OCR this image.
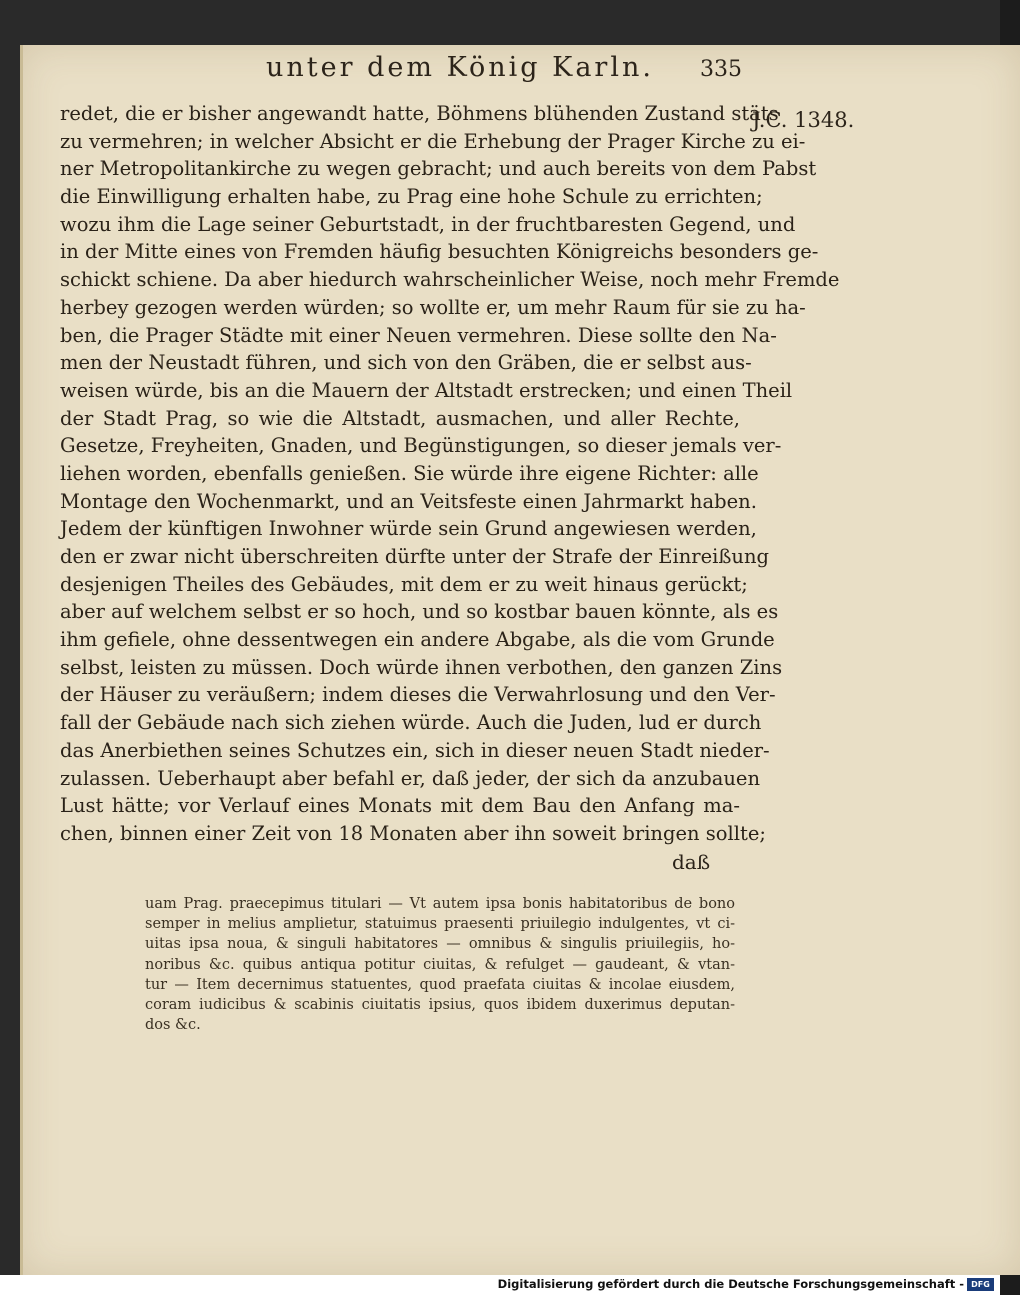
unter dem König Karln.	335
J.C. 1348.
redet, die er bisher angewandt hatte, Böhmens blühenden Zustand stäts
zu vermehren; in welcher Absicht er die Erhebung der Prager Kirche zu ei-
ner Metropolitankirche zu wegen gebracht; und auch bereits von dem Pabst
die Einwilligung erhalten habe, zu Prag eine hohe Schule zu errichten;
wozu ihm die Lage seiner Geburtstadt, in der fruchtbaresten Gegend, und
in der Mitte eines von Fremden häufig besuchten Königreichs besonders ge-
schickt schiene. Da aber hiedurch wahrscheinlicher Weise, noch mehr Fremde
herbey gezogen werden würden; so wollte er, um mehr Raum für sie zu ha-
ben, die Prager Städte mit einer Neuen vermehren. Diese sollte den Na-
men der Neustadt führen, und sich von den Gräben, die er selbst aus-
weisen würde, bis an die Mauern der Altstadt erstrecken; und einen Theil
der Stadt Prag, so wie die Altstadt, ausmachen, und aller Rechte,
Gesetze, Freyheiten, Gnaden, und Begünstigungen, so dieser jemals ver-
liehen worden, ebenfalls genießen. Sie würde ihre eigene Richter: alle
Montage den Wochenmarkt, und an Veitsfeste einen Jahrmarkt haben.
Jedem der künftigen Inwohner würde sein Grund angewiesen werden,
den er zwar nicht überschreiten dürfte unter der Strafe der Einreißung
desjenigen Theiles des Gebäudes, mit dem er zu weit hinaus gerückt;
aber auf welchem selbst er so hoch, und so kostbar bauen könnte, als es
ihm gefiele, ohne dessentwegen ein andere Abgabe, als die vom Grunde
selbst, leisten zu müssen. Doch würde ihnen verbothen, den ganzen Zins
der Häuser zu veräußern; indem dieses die Verwahrlosung und den Ver-
fall der Gebäude nach sich ziehen würde. Auch die Juden, lud er durch
das Anerbiethen seines Schutzes ein, sich in dieser neuen Stadt nieder-
zulassen. Ueberhaupt aber befahl er, daß jeder, der sich da anzubauen
Lust hätte; vor Verlauf eines Monats mit dem Bau den Anfang ma-
chen, binnen einer Zeit von 18 Monaten aber ihn soweit bringen sollte;
daß
uam Prag. praecepimus titulari — Vt autem ipsa bonis habitatoribus de bono
semper in melius amplietur, statuimus praesenti priuilegio indulgentes, vt ci-
uitas ipsa noua, & singuli habitatores — omnibus & singulis priuilegiis, ho-
noribus &c. quibus antiqua potitur ciuitas, & refulget — gaudeant, & vtan-
tur — Item decernimus statuentes, quod praefata ciuitas & incolae eiusdem,
coram iudicibus & scabinis ciuitatis ipsius, quos ibidem duxerimus deputan-
dos &c.
Digitalisierung gefördert durch die Deutsche Forschungsgemeinschaft - DFG
